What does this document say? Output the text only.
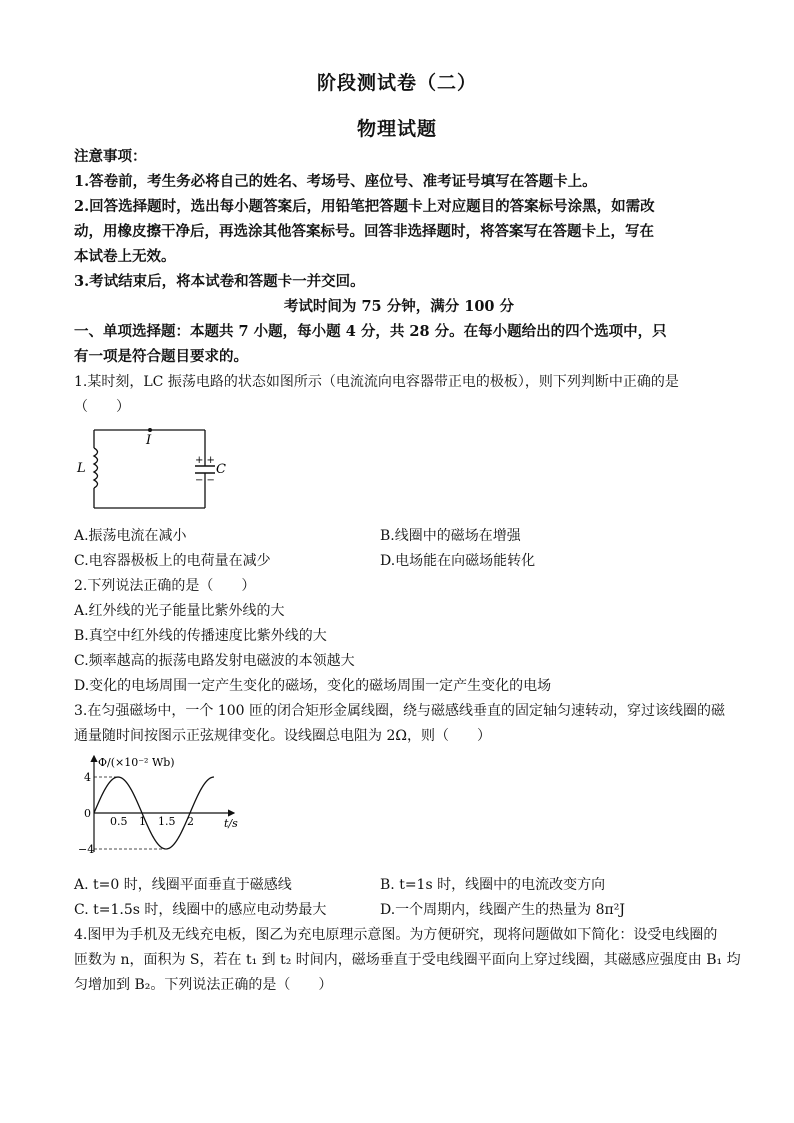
阶段测试卷（二）
物理试题
注意事项：
1.答卷前，考生务必将自己的姓名、考场号、座位号、准考证号填写在答题卡上。
2.回答选择题时，选出每小题答案后，用铅笔把答题卡上对应题目的答案标号涂黑，如需改
动，用橡皮擦干净后，再选涂其他答案标号。回答非选择题时，将答案写在答题卡上，写在
本试卷上无效。
3.考试结束后，将本试卷和答题卡一并交回。
考试时间为 75 分钟，满分 100 分
一、单项选择题：本题共 7 小题，每小题 4 分，共 28 分。在每小题给出的四个选项中，只
有一项是符合题目要求的。
1.某时刻，LC 振荡电路的状态如图所示（电流流向电容器带正电的极板），则下列判断中正确的是
（　　）
I
L
+ +
− −
C
A.振荡电流在减小	B.线圈中的磁场在增强
C.电容器极板上的电荷量在减少	D.电场能在向磁场能转化
2.下列说法正确的是（　　）
A.红外线的光子能量比紫外线的大
B.真空中红外线的传播速度比紫外线的大
C.频率越高的振荡电路发射电磁波的本领越大
D.变化的电场周围一定产生变化的磁场，变化的磁场周围一定产生变化的电场
3.在匀强磁场中，一个 100 匝的闭合矩形金属线圈，绕与磁感线垂直的固定轴匀速转动，穿过该线圈的磁
通量随时间按图示正弦规律变化。设线圈总电阻为 2Ω，则（　　）
Φ/(×10⁻² Wb)
t/s
0.5 1 1.5 2
4
0
−4
A. t=0 时，线圈平面垂直于磁感线	B. t=1s 时，线圈中的电流改变方向
C. t=1.5s 时，线圈中的感应电动势最大	D.一个周期内，线圈产生的热量为 8π²J
4.图甲为手机及无线充电板，图乙为充电原理示意图。为方便研究，现将问题做如下简化：设受电线圈的
匝数为 n，面积为 S，若在 t₁ 到 t₂ 时间内，磁场垂直于受电线圈平面向上穿过线圈，其磁感应强度由 B₁ 均
匀增加到 B₂。下列说法正确的是（　　）
